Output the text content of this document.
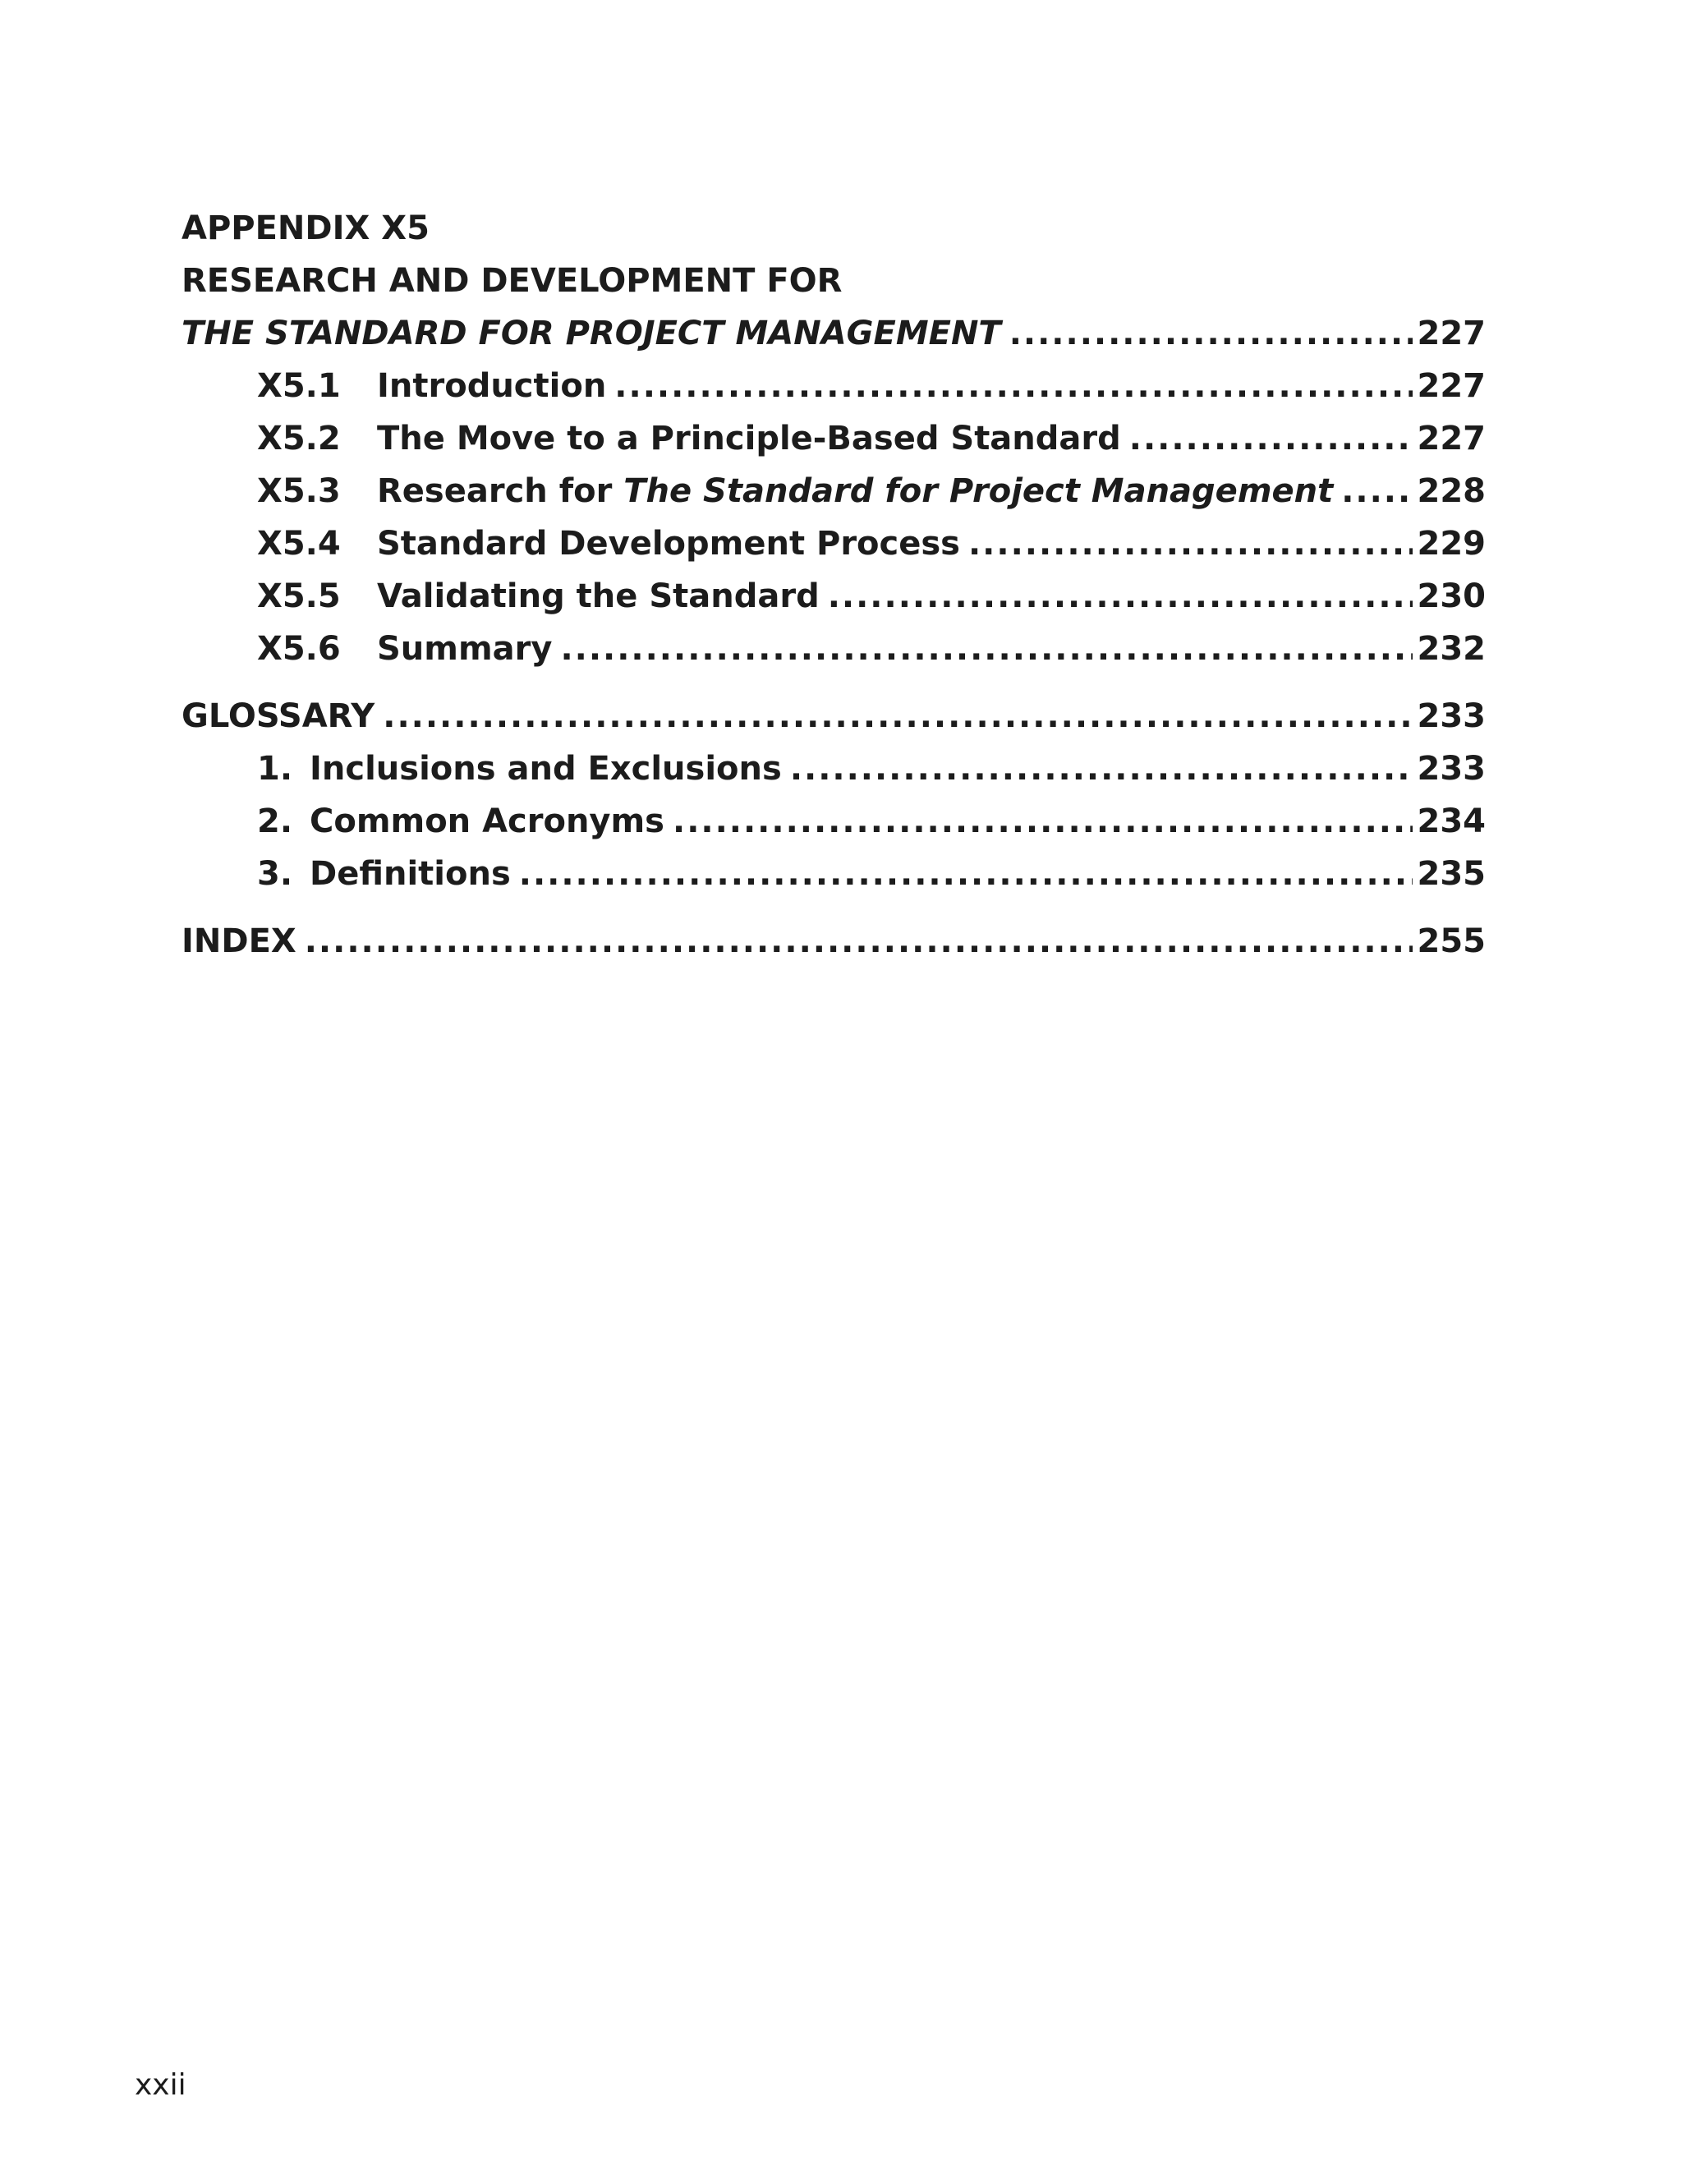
APPENDIX X5
RESEARCH AND DEVELOPMENT FOR
THE STANDARD FOR PROJECT MANAGEMENT .....	227
X5.1	Introduction .....	227
X5.2	The Move to a Principle-Based Standard .....	227
X5.3	Research for The Standard for Project Management .....	228
X5.4	Standard Development Process .....	229
X5.5	Validating the Standard .....	230
X5.6	Summary .....	232
GLOSSARY .....	233
1. Inclusions and Exclusions .....	233
2. Common Acronyms .....	234
3. Definitions .....	235
INDEX .....	255
xxii
